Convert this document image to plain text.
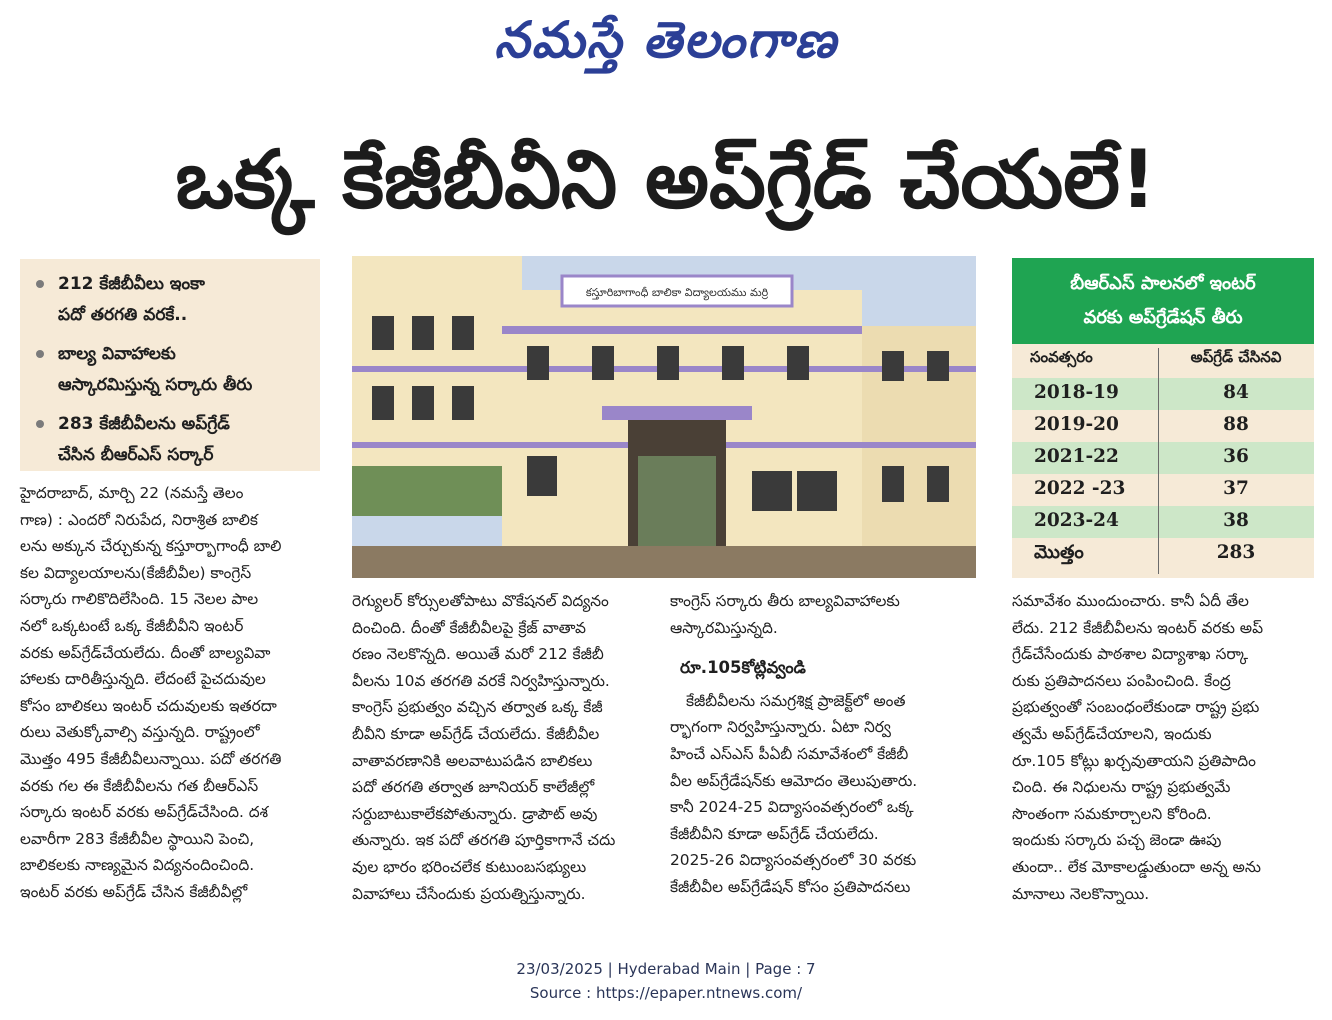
నమస్తే తెలంగాణ
ఒక్క కేజీబీవీని అప్‌గ్రేడ్ చేయలే!
212 కేజీబీవీలు ఇంకా
పదో తరగతి వరకే..
బాల్య వివాహాలకు
ఆస్కారమిస్తున్న సర్కారు తీరు
283 కేజీబీవీలను అప్‌గ్రేడ్
చేసిన బీఆర్‌ఎస్ సర్కార్
కస్తూరిబాగాంధీ బాలికా విద్యాలయము మర్రి

హైదరాబాద్, మార్చి 22 (నమస్తే తెలం

గాణ) : ఎందరో నిరుపేద, నిరాశ్రిత బాలిక

లను అక్కున చేర్చుకున్న కస్తూర్బాగాంధీ బాలి

కల విద్యాలయాలను(కేజీబీవీల) కాంగ్రెస్

సర్కారు గాలికొదిలేసింది. 15 నెలల పాల

నలో ఒక్కటంటే ఒక్క కేజీబీవీని ఇంటర్

వరకు అప్‌గ్రేడ్‌చేయలేదు. దీంతో బాల్యవివా

హాలకు దారితీస్తున్నది. లేదంటే పైచదువుల

కోసం బాలికలు ఇంటర్ చదువులకు ఇతరదా

రులు వెతుక్కోవాల్సి వస్తున్నది. రాష్ట్రంలో

మొత్తం 495 కేజీబీవీలున్నాయి. పదో తరగతి

వరకు గల ఈ కేజీబీవీలను గత బీఆర్‌ఎస్

సర్కారు ఇంటర్ వరకు అప్‌గ్రేడ్‌చేసింది. దశ

లవారీగా 283 కేజీబీవీల స్థాయిని పెంచి,

బాలికలకు నాణ్యమైన విద్యనందించింది.

ఇంటర్ వరకు అప్‌గ్రేడ్ చేసిన కేజీబీవీల్లో

రెగ్యులర్ కోర్సులతోపాటు వొకేషనల్ విద్యనం

దించింది. దీంతో కేజీబీవీలపై క్రేజ్ వాతావ

రణం నెలకొన్నది. అయితే మరో 212 కేజీబీ

వీలను 10వ తరగతి వరకే నిర్వహిస్తున్నారు.

కాంగ్రెస్ ప్రభుత్వం వచ్చిన తర్వాత ఒక్క కేజీ

బీవీని కూడా అప్‌గ్రేడ్ చేయలేదు. కేజీబీవీల

వాతావరణానికి అలవాటుపడిన బాలికలు

పదో తరగతి తర్వాత జూనియర్ కాలేజీల్లో

సర్దుబాటుకాలేకపోతున్నారు. డ్రాపౌట్ అవు

తున్నారు. ఇక పదో తరగతి పూర్తికాగానే చదు

వుల భారం భరించలేక కుటుంబసభ్యులు

వివాహాలు చేసేందుకు ప్రయత్నిస్తున్నారు.

కాంగ్రెస్ సర్కారు తీరు బాల్యవివాహాలకు

ఆస్కారమిస్తున్నది.

రూ.105కోట్లివ్వండి

కేజీబీవీలను సమగ్రశిక్ష ప్రాజెక్ట్‌లో అంత

ర్భాగంగా నిర్వహిస్తున్నారు. ఏటా నిర్వ

హించే ఎస్‌ఎస్ పీఏబీ సమావేశంలో కేజీబీ

వీల అప్‌గ్రేడేషన్‌కు ఆమోదం తెలుపుతారు.

కానీ 2024-25 విద్యాసంవత్సరంలో ఒక్క

కేజీబీవీని కూడా అప్‌గ్రేడ్ చేయలేదు.

2025-26 విద్యాసంవత్సరంలో 30 వరకు

కేజీబీవీల అప్‌గ్రేడేషన్ కోసం ప్రతిపాదనలు

సమావేశం ముందుంచారు. కానీ ఏదీ తేల

లేదు. 212 కేజీబీవీలను ఇంటర్ వరకు అప్

గ్రేడ్‌చేసేందుకు పాఠశాల విద్యాశాఖ సర్కా

రుకు ప్రతిపాదనలు పంపించింది. కేంద్ర

ప్రభుత్వంతో సంబంధంలేకుండా రాష్ట్ర ప్రభు

త్వమే అప్‌గ్రేడ్‌చేయాలని, ఇందుకు

రూ.105 కోట్లు ఖర్చవుతాయని ప్రతిపాదిం

చింది. ఈ నిధులను రాష్ట్ర ప్రభుత్వమే

సొంతంగా సమకూర్చాలని కోరింది.

ఇందుకు సర్కారు పచ్చ జెండా ఊపు

తుందా.. లేక మోకాలడ్డుతుందా అన్న అను

మానాలు నెలకొన్నాయి.

బీఆర్‌ఎస్ పాలనలో ఇంటర్
వరకు అప్‌గ్రేడేషన్ తీరు
సంవత్సరం	అప్‌గ్రేడ్ చేసినవి
2018-19	84
2019-20	88
2021-22	36
2022 -23	37
2023-24	38
మొత్తం	283
23/03/2025 | Hyderabad Main | Page : 7
Source : https://epaper.ntnews.com/
